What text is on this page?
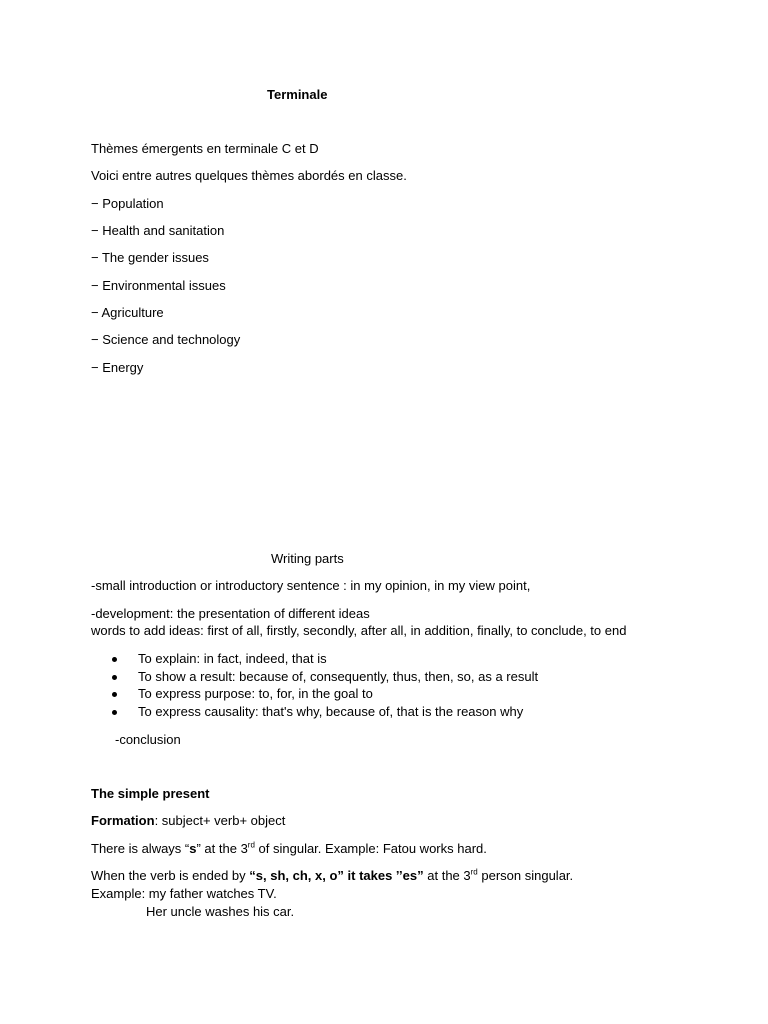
Terminale
Thèmes émergents en terminale C et D
Voici entre autres quelques thèmes abordés en classe.
− Population
− Health and sanitation
− The gender issues
− Environmental issues
− Agriculture
− Science and technology
− Energy
Writing parts
-small introduction or introductory sentence : in my opinion, in my view point,
-development: the presentation of different ideas
words to add ideas: first of all, firstly, secondly, after all, in addition, finally, to conclude, to end
To explain: in fact, indeed, that is
To show a result: because of, consequently, thus, then, so, as a result
To express purpose: to, for, in the goal to
To express causality: that's why, because of, that is the reason why
-conclusion
The simple present
Formation: subject+ verb+ object
There is always “s” at the 3rd of singular. Example: Fatou works hard.
When the verb is ended by “s, sh, ch, x, o” it takes ’’es” at the 3rd person singular.
Example: my father watches TV.
Her uncle washes his car.
